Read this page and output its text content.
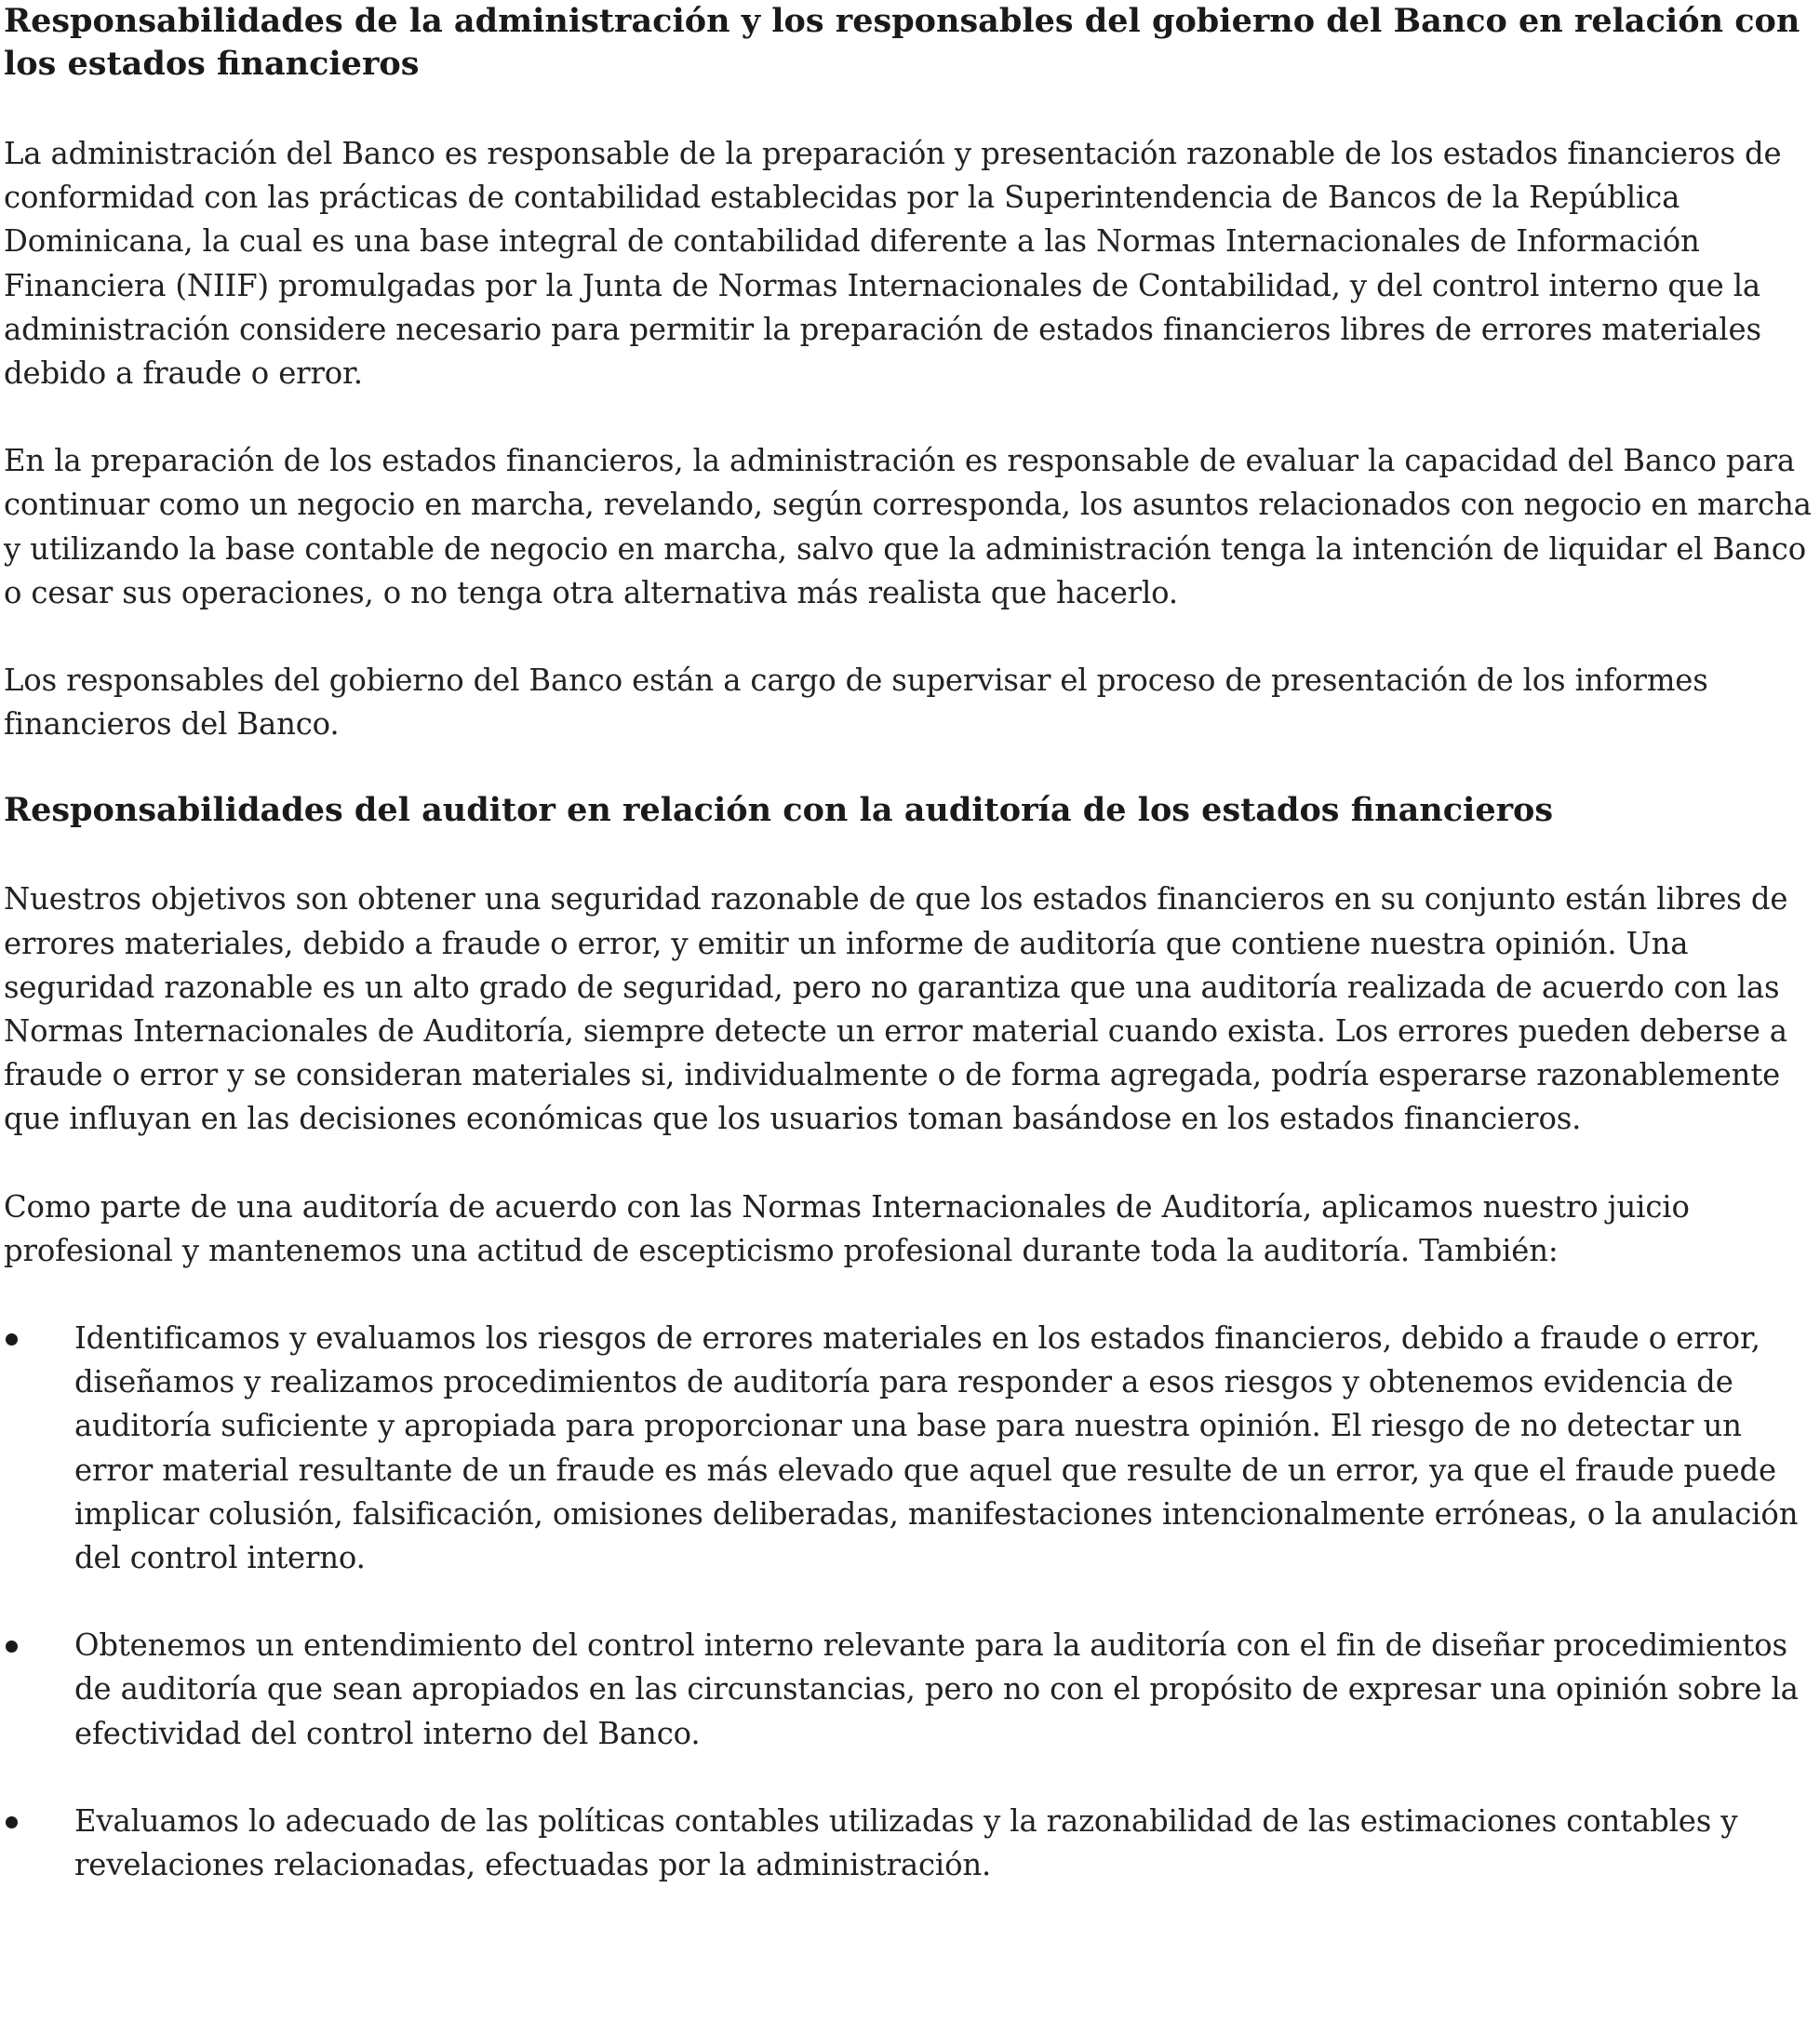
Responsabilidades de la administración y los responsables del gobierno del Banco en relación con los estados financieros

La administración del Banco es responsable de la preparación y presentación razonable de los estados financieros de conformidad con las prácticas de contabilidad establecidas por la Superintendencia de Bancos de la República Dominicana, la cual es una base integral de contabilidad diferente a las Normas Internacionales de Información Financiera (NIIF) promulgadas por la Junta de Normas Internacionales de Contabilidad, y del control interno que la administración considere necesario para permitir la preparación de estados financieros libres de errores materiales debido a fraude o error.

En la preparación de los estados financieros, la administración es responsable de evaluar la capacidad del Banco para continuar como un negocio en marcha, revelando, según corresponda, los asuntos relacionados con negocio en marcha y utilizando la base contable de negocio en marcha, salvo que la administración tenga la intención de liquidar el Banco o cesar sus operaciones, o no tenga otra alternativa más realista que hacerlo.

Los responsables del gobierno del Banco están a cargo de supervisar el proceso de presentación de los informes financieros del Banco.

Responsabilidades del auditor en relación con la auditoría de los estados financieros

Nuestros objetivos son obtener una seguridad razonable de que los estados financieros en su conjunto están libres de errores materiales, debido a fraude o error, y emitir un informe de auditoría que contiene nuestra opinión. Una seguridad razonable es un alto grado de seguridad, pero no garantiza que una auditoría realizada de acuerdo con las Normas Internacionales de Auditoría, siempre detecte un error material cuando exista. Los errores pueden deberse a fraude o error y se consideran materiales si, individualmente o de forma agregada, podría esperarse razonablemente que influyan en las decisiones económicas que los usuarios toman basándose en los estados financieros.

Como parte de una auditoría de acuerdo con las Normas Internacionales de Auditoría, aplicamos nuestro juicio profesional y mantenemos una actitud de escepticismo profesional durante toda la auditoría. También:

Identificamos y evaluamos los riesgos de errores materiales en los estados financieros, debido a fraude o error, diseñamos y realizamos procedimientos de auditoría para responder a esos riesgos y obtenemos evidencia de auditoría suficiente y apropiada para proporcionar una base para nuestra opinión. El riesgo de no detectar un error material resultante de un fraude es más elevado que aquel que resulte de un error, ya que el fraude puede implicar colusión, falsificación, omisiones deliberadas, manifestaciones intencionalmente erróneas, o la anulación del control interno.

Obtenemos un entendimiento del control interno relevante para la auditoría con el fin de diseñar procedimientos de auditoría que sean apropiados en las circunstancias, pero no con el propósito de expresar una opinión sobre la efectividad del control interno del Banco.

Evaluamos lo adecuado de las políticas contables utilizadas y la razonabilidad de las estimaciones contables y revelaciones relacionadas, efectuadas por la administración.
